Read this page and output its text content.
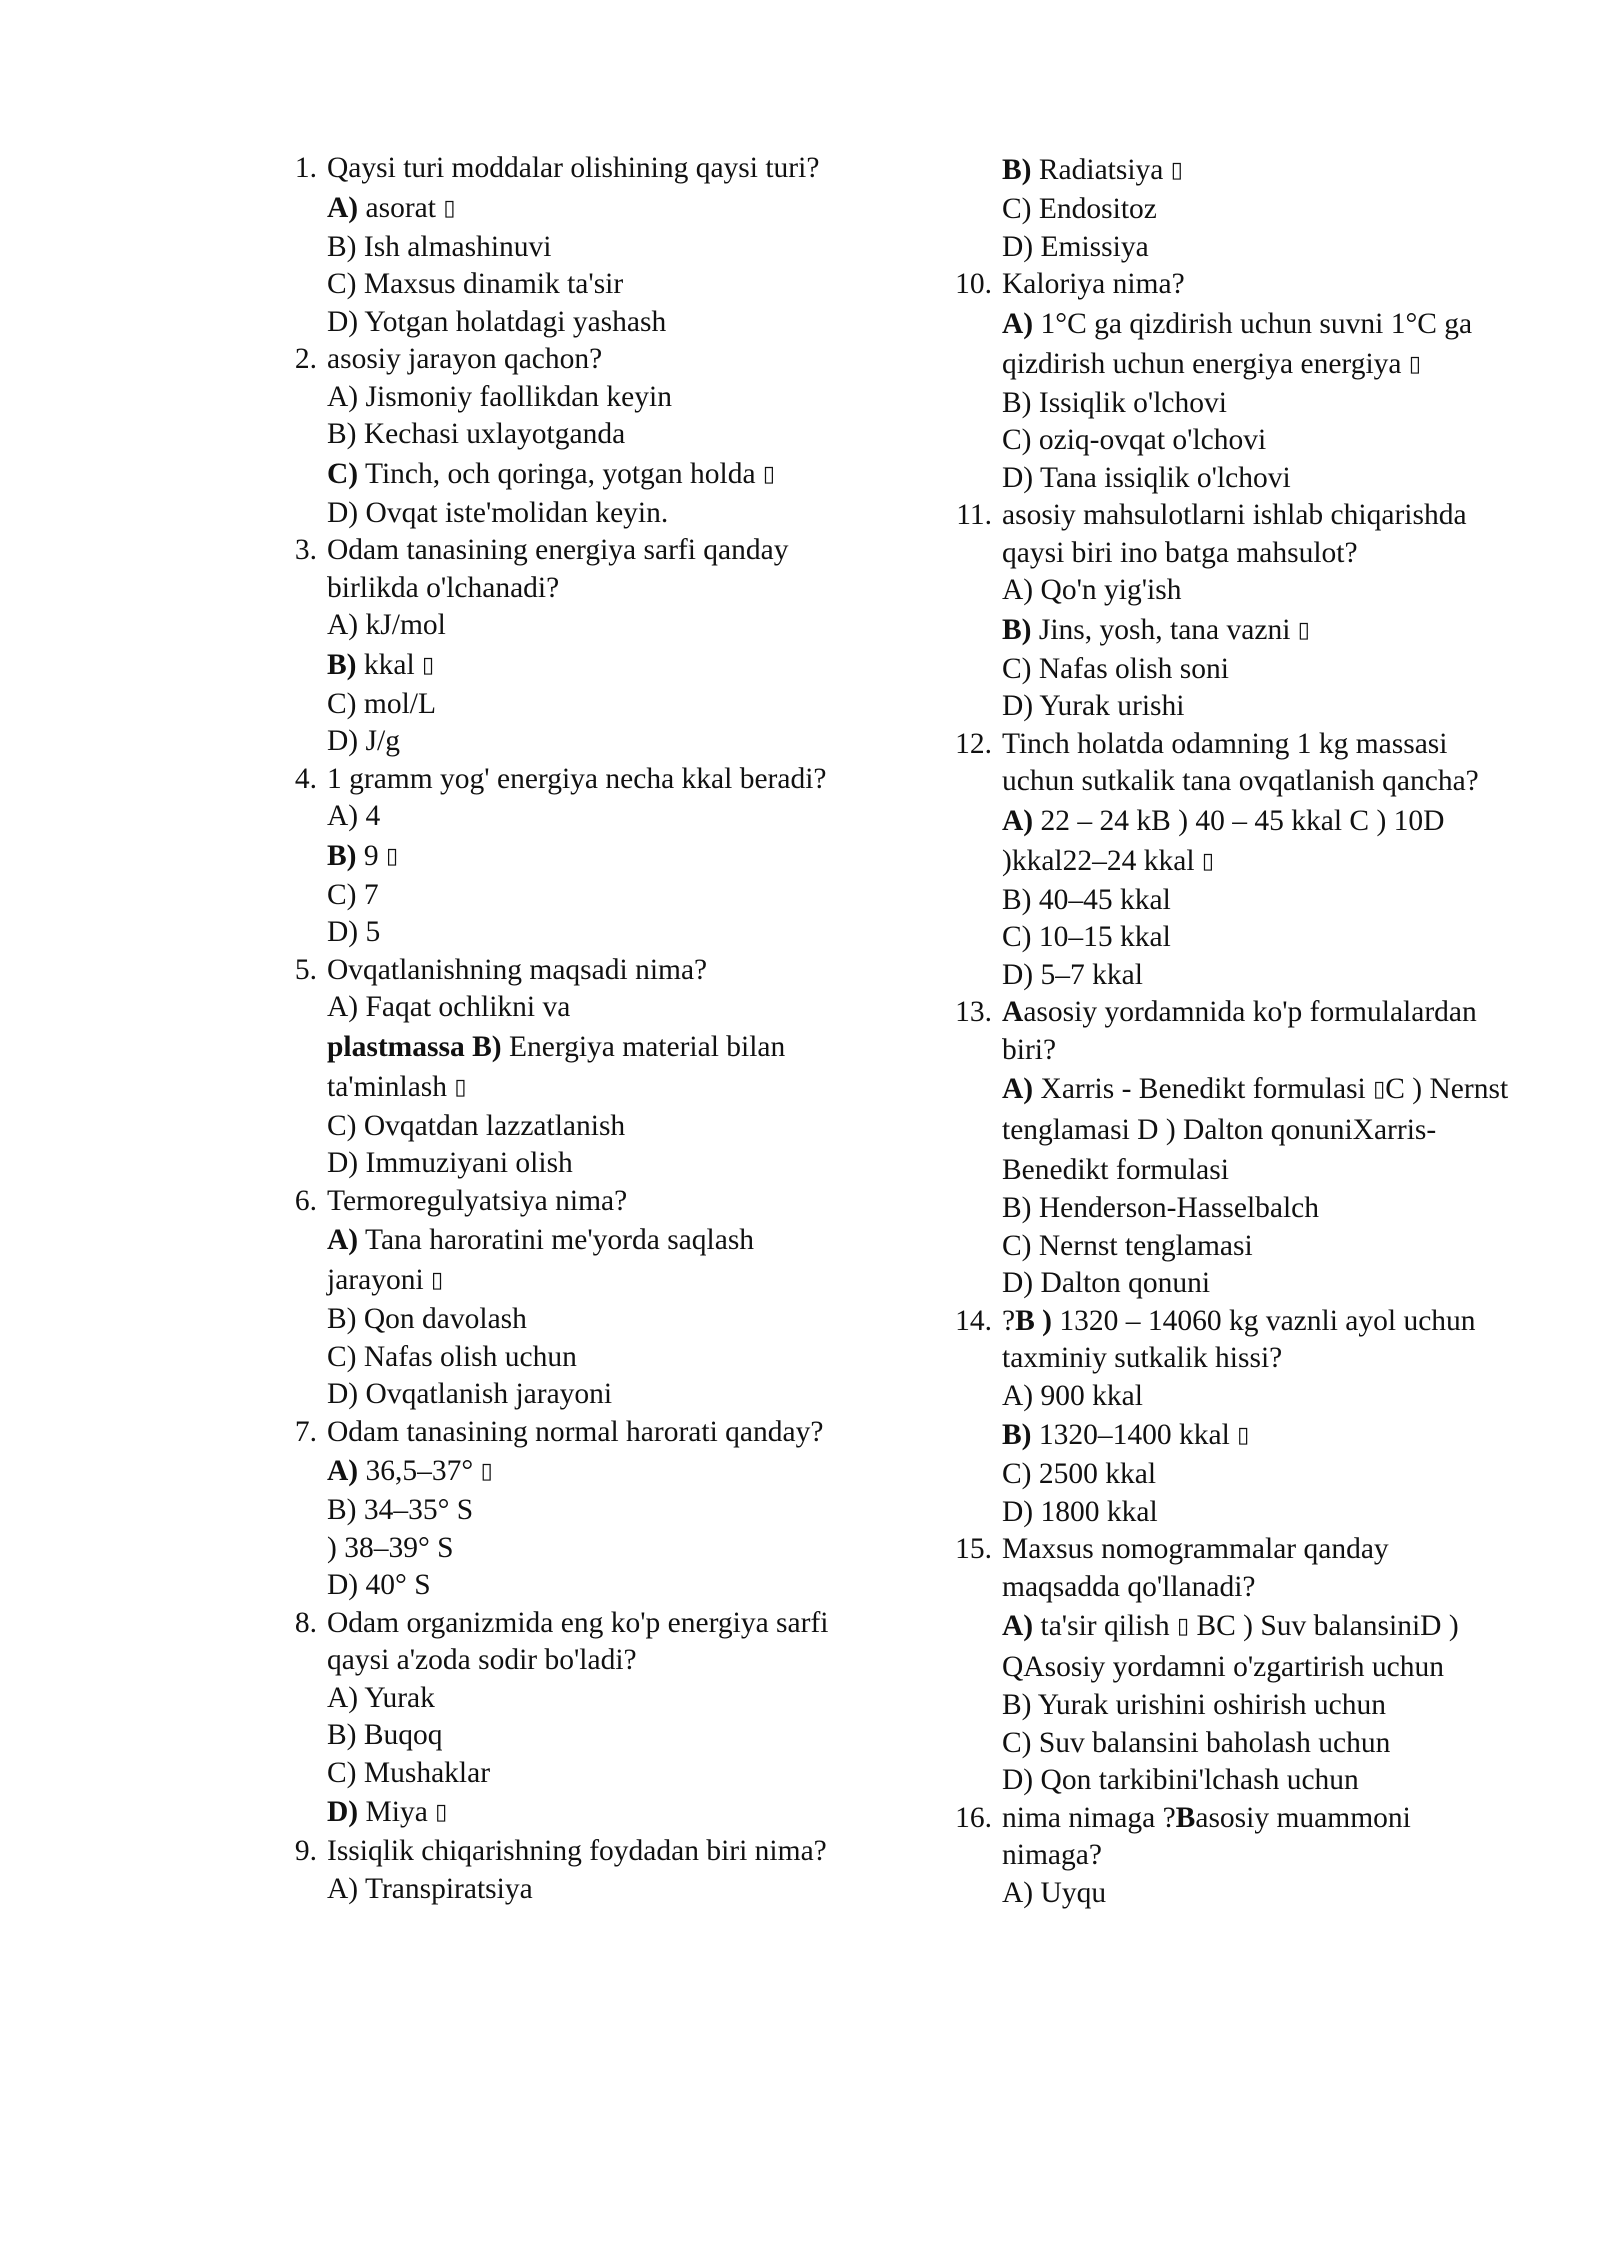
1. Qaysi turi moddalar olishining qaysi turi?
A) asorat ▯
B) Ish almashinuvi
C) Maxsus dinamik ta'sir
D) Yotgan holatdagi yashash
2. asosiy jarayon qachon?
A) Jismoniy faollikdan keyin
B) Kechasi uxlayotganda
C) Tinch, och qoringa, yotgan holda ▯
D) Ovqat iste'molidan keyin.
3. Odam tanasining energiya sarfi qanday birlikda o'lchanadi?
A) kJ/mol
B) kkal ▯
C) mol/L
D) J/g
4. 1 gramm yog' energiya necha kkal beradi?
A) 4
B) 9 ▯
C) 7
D) 5
5. Ovqatlanishning maqsadi nima?
A) Faqat ochlikni va
plastmassa B) Energiya material bilan ta'minlash ▯
C) Ovqatdan lazzatlanish
D) Immuziyani olish
6. Termoregulyatsiya nima?
A) Tana haroratini me'yorda saqlash jarayoni ▯
B) Qon davolash
C) Nafas olish uchun
D) Ovqatlanish jarayoni
7. Odam tanasining normal harorati qanday?
A) 36,5–37° ▯
B) 34–35° S
) 38–39° S
D) 40° S
8. Odam organizmida eng ko'p energiya sarfi qaysi a'zoda sodir bo'ladi?
A) Yurak
B) Buqoq
C) Mushaklar
D) Miya ▯
9. Issiqlik chiqarishning foydadan biri nima?
A) Transpiratsiya
B) Radiatsiya ▯
C) Endositoz
D) Emissiya
10. Kaloriya nima?
A) 1°C ga qizdirish uchun suvni 1°C ga qizdirish uchun energiya energiya ▯
B) Issiqlik o'lchovi
C) oziq-ovqat o'lchovi
D) Tana issiqlik o'lchovi
11. asosiy mahsulotlarni ishlab chiqarishda qaysi biri ino batga mahsulot?
A) Qo'n yig'ish
B) Jins, yosh, tana vazni ▯
C) Nafas olish soni
D) Yurak urishi
12. Tinch holatda odamning 1 kg massasi uchun sutkalik tana ovqatlanish qancha?
A) 22 – 24 kB ) 40 – 45 kkal C ) 10D )kkal22–24 kkal ▯
B) 40–45 kkal
C) 10–15 kkal
D) 5–7 kkal
13. Aasosiy yordamnida ko'p formulalardan biri?
A) Xarris - Benedikt formulasi ▯C ) Nernst tenglamasi D ) Dalton qonuniXarris-Benedikt formulasi
B) Henderson-Hasselbalch
C) Nernst tenglamasi
D) Dalton qonuni
14. ?B ) 1320 – 14060 kg vaznli ayol uchun taxminiy sutkalik hissi?
A) 900 kkal
B) 1320–1400 kkal ▯
C) 2500 kkal
D) 1800 kkal
15. Maxsus nomogrammalar qanday maqsadda qo'llanadi?
A) ta'sir qilish ▯ BC ) Suv balansiniD ) QAsosiy yordamni o'zgartirish uchun
B) Yurak urishini oshirish uchun
C) Suv balansini baholash uchun
D) Qon tarkibini'lchash uchun
16. nima nimaga ?Basosiy muammoni nimaga?
A) Uyqu
